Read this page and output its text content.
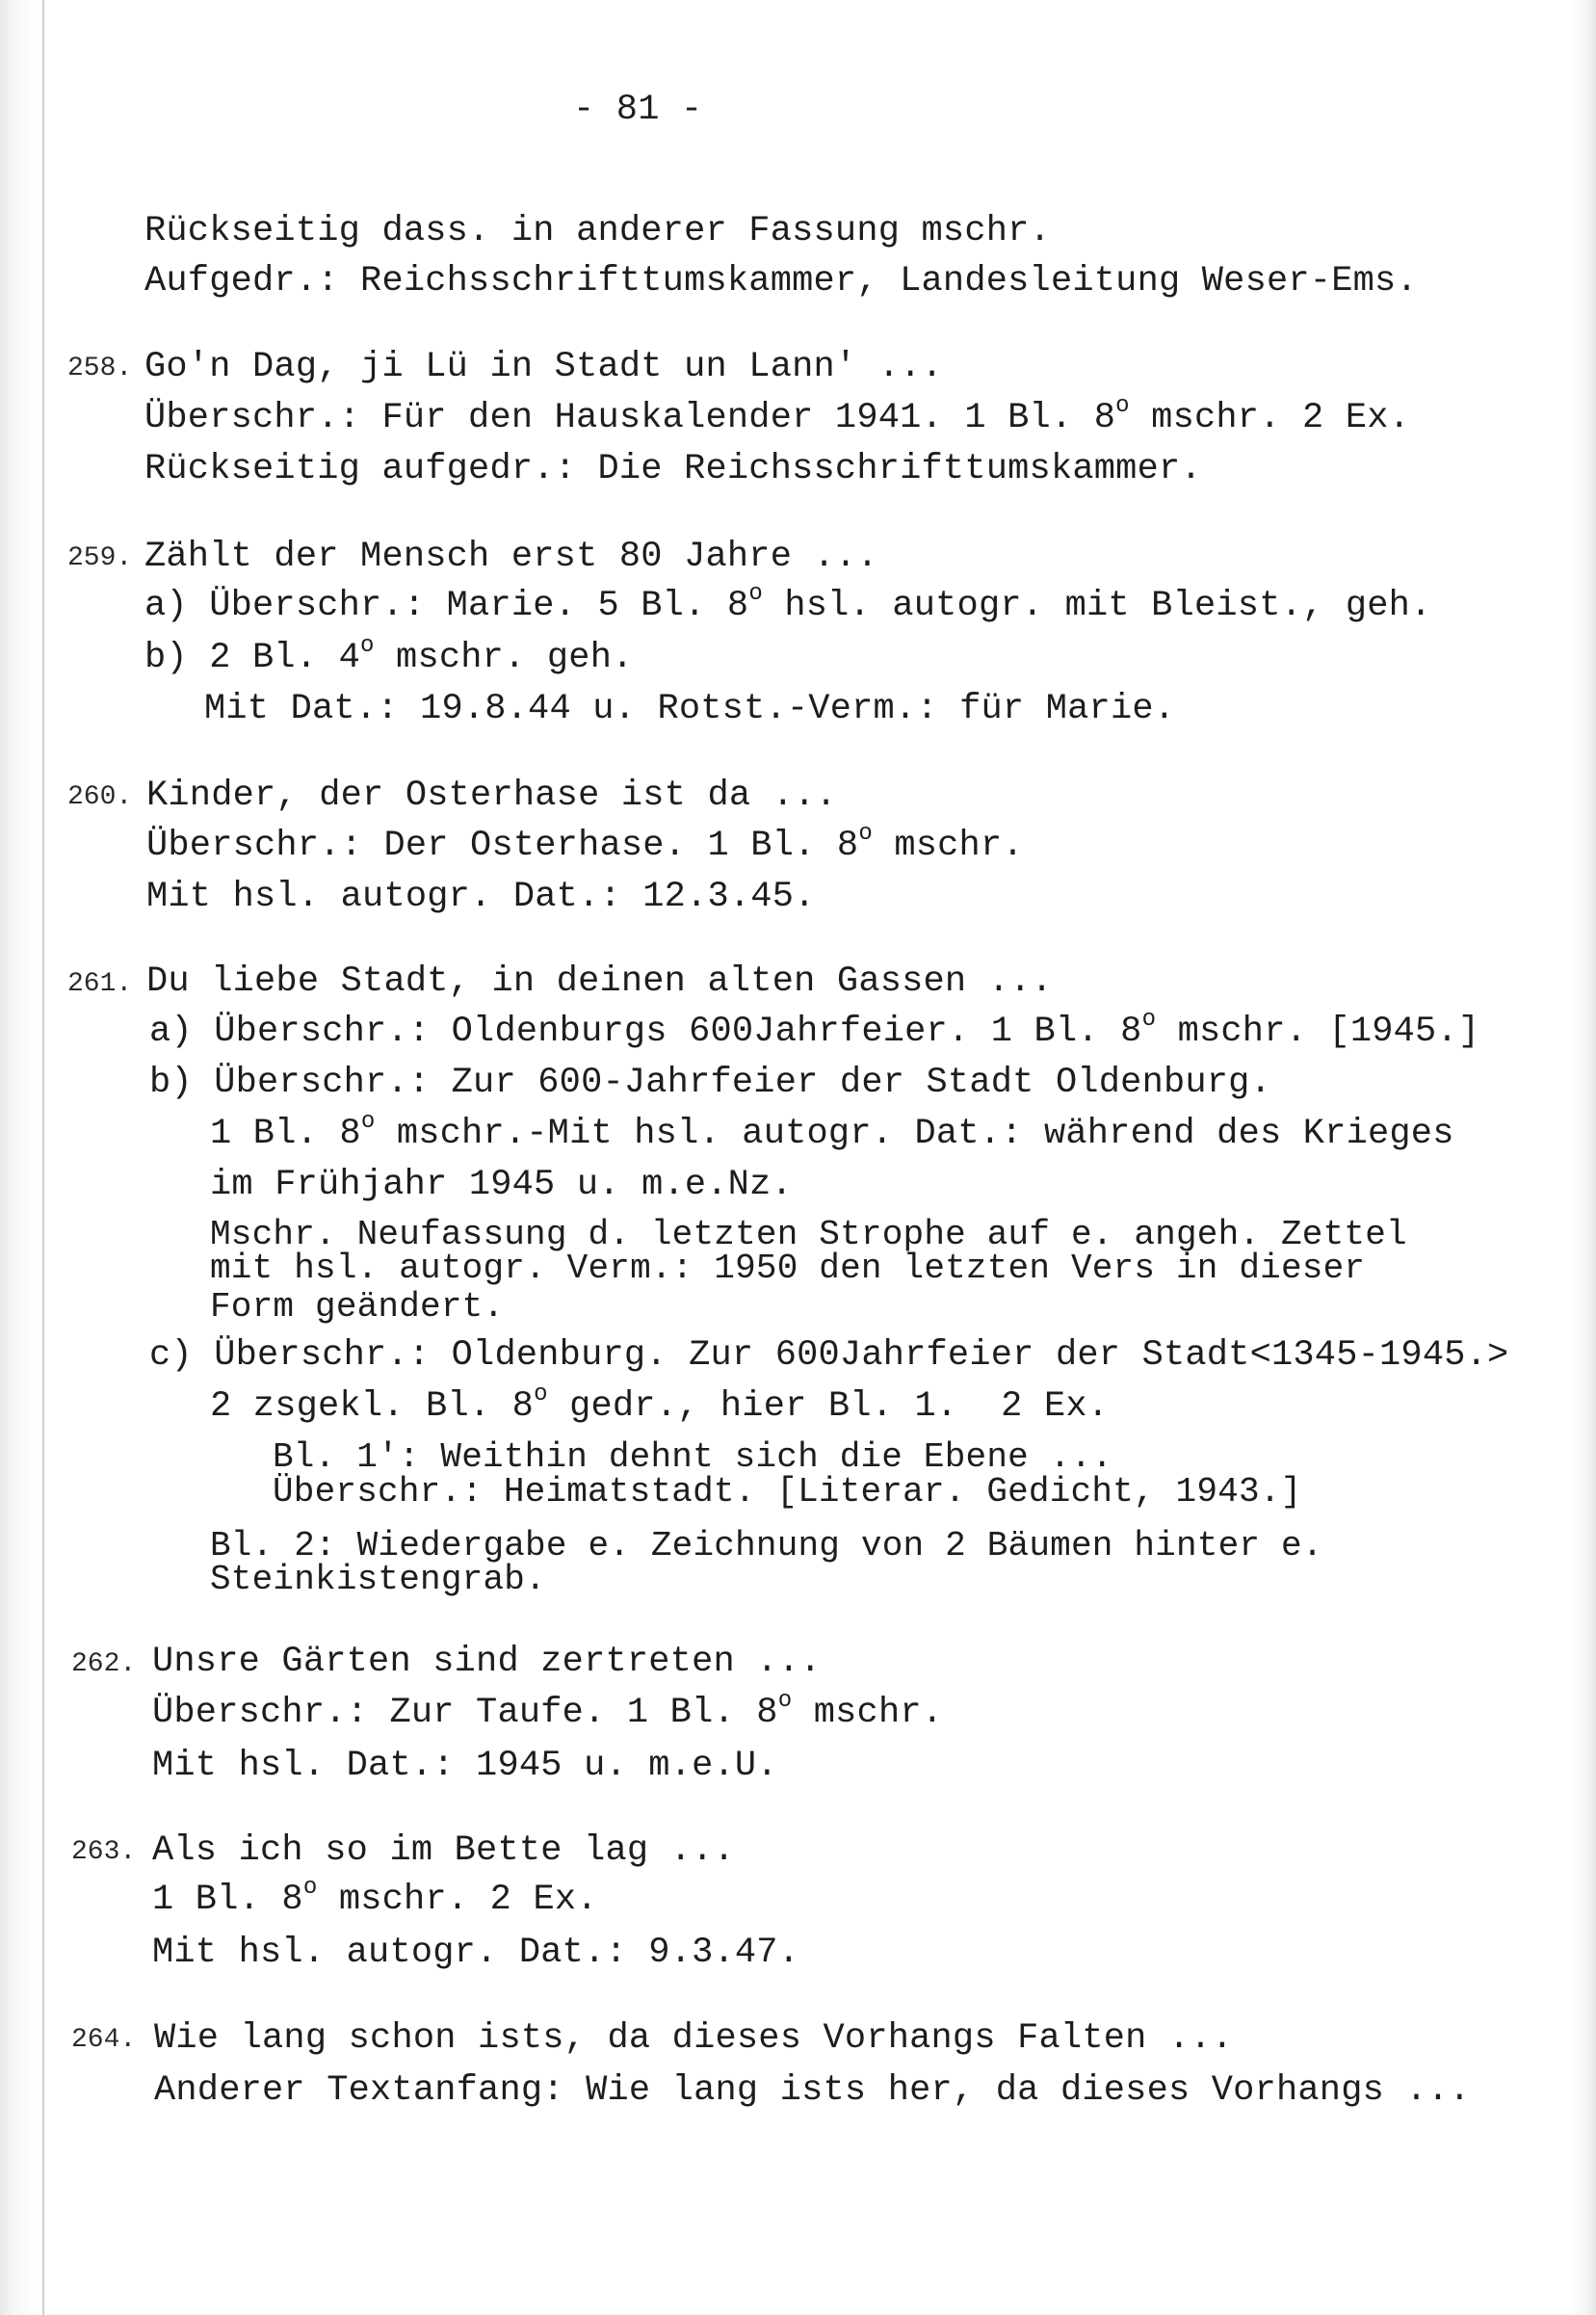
- 81 -
Rückseitig dass. in anderer Fassung mschr.
Aufgedr.: Reichsschrifttumskammer, Landesleitung Weser-Ems.
258. Go'n Dag, ji Lü in Stadt un Lann' ...
Überschr.: Für den Hauskalender 1941. 1 Bl. 8$^o$ mschr. 2 Ex.
Rückseitig aufgedr.: Die Reichsschrifttumskammer.
259. Zählt der Mensch erst 80 Jahre ...
a) Überschr.: Marie. 5 Bl. 8$^o$ hsl. autogr. mit Bleist., geh.
b) 2 Bl. 4$^o$ mschr. geh.
Mit Dat.: 19.8.44 u. Rotst.-Verm.: für Marie.
260. Kinder, der Osterhase ist da ...
Überschr.: Der Osterhase. 1 Bl. 8$^o$ mschr.
Mit hsl. autogr. Dat.: 12.3.45.
261. Du liebe Stadt, in deinen alten Gassen ...
a) Überschr.: Oldenburgs 600Jahrfeier. 1 Bl. 8$^o$ mschr. [1945.]
b) Überschr.: Zur 600-Jahrfeier der Stadt Oldenburg.
1 Bl. 8$^o$ mschr.-Mit hsl. autogr. Dat.: während des Krieges
im Frühjahr 1945 u. m.e.Nz.
Mschr. Neufassung d. letzten Strophe auf e. angeh. Zettel
mit hsl. autogr. Verm.: 1950 den letzten Vers in dieser
Form geändert.
c) Überschr.: Oldenburg. Zur 600Jahrfeier der Stadt<1345-1945.>
2 zsgekl. Bl. 8$^o$ gedr., hier Bl. 1.  2 Ex.
Bl. 1': Weithin dehnt sich die Ebene ...
Überschr.: Heimatstadt. [Literar. Gedicht, 1943.]
Bl. 2: Wiedergabe e. Zeichnung von 2 Bäumen hinter e.
Steinkistengrab.
262. Unsre Gärten sind zertreten ...
Überschr.: Zur Taufe. 1 Bl. 8$^o$ mschr.
Mit hsl. Dat.: 1945 u. m.e.U.
263. Als ich so im Bette lag ...
1 Bl. 8$^o$ mschr. 2 Ex.
Mit hsl. autogr. Dat.: 9.3.47.
264. Wie lang schon ists, da dieses Vorhangs Falten ...
Anderer Textanfang: Wie lang ists her, da dieses Vorhangs ...
